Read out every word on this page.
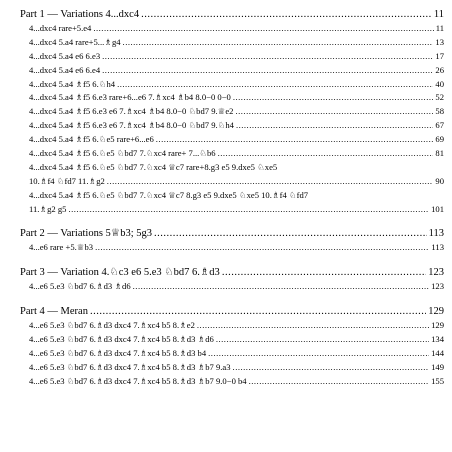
Part 1 — Variations 4...dxc4 .....	11
4...dxc4 rare+5.e4 .....	11
4...dxc4 5.a4 rare+5...♗g4 .....	13
4...dxc4 5.a4 e6 6.e3 .....	17
4...dxc4 5.a4 e6 6.e4 .....	26
4...dxc4 5.a4 ♗f5 6.♘h4 .....	40
4...dxc4 5.a4 ♗f5 6.e3 rare+6...e6 7.♗xc4 ♗b4 8.0−0 0−0 .....	52
4...dxc4 5.a4 ♗f5 6.e3 e6 7.♗xc4 ♗b4 8.0−0 ♘bd7 9.♕e2 .....	58
4...dxc4 5.a4 ♗f5 6.e3 e6 7.♗xc4 ♗b4 8.0−0 ♘bd7 9.♘h4 .....	67
4...dxc4 5.a4 ♗f5 6.♘e5 rare+6...e6 .....	69
4...dxc4 5.a4 ♗f5 6.♘e5 ♘bd7 7.♘xc4 rare+ 7...♘b6 .....	81
4...dxc4 5.a4 ♗f5 6.♘e5 ♘bd7 7.♘xc4 ♕c7 rare+8.g3 e5 9.dxe5 ♘xe5
10.♗f4 ♘fd7 11.♗g2 .....	90
4...dxc4 5.a4 ♗f5 6.♘e5 ♘bd7 7.♘xc4 ♕c7 8.g3 e5 9.dxe5 ♘xe5 10.♗f4 ♘fd7
11.♗g2 g5 .....	101
Part 2 — Variations 5♕b3; 5g3 .....	113
4...e6 rare +5.♕b3 .....	113
Part 3 — Variation 4.♘c3 e6 5.e3 ♘bd7 6.♗d3 .....	123
4...e6 5.e3 ♘bd7 6.♗d3 ♗d6 .....	123
Part 4 — Meran .....	129
4...e6 5.e3 ♘bd7 6.♗d3 dxc4 7.♗xc4 b5 8.♗e2 .....	129
4...e6 5.e3 ♘bd7 6.♗d3 dxc4 7.♗xc4 b5 8.♗d3 ♗d6 .....	134
4...e6 5.e3 ♘bd7 6.♗d3 dxc4 7.♗xc4 b5 8.♗d3 b4 .....	144
4...e6 5.e3 ♘bd7 6.♗d3 dxc4 7.♗xc4 b5 8.♗d3 ♗b7 9.a3 .....	149
4...e6 5.e3 ♘bd7 6.♗d3 dxc4 7.♗xc4 b5 8.♗d3 ♗b7 9.0−0 b4 .....	155
